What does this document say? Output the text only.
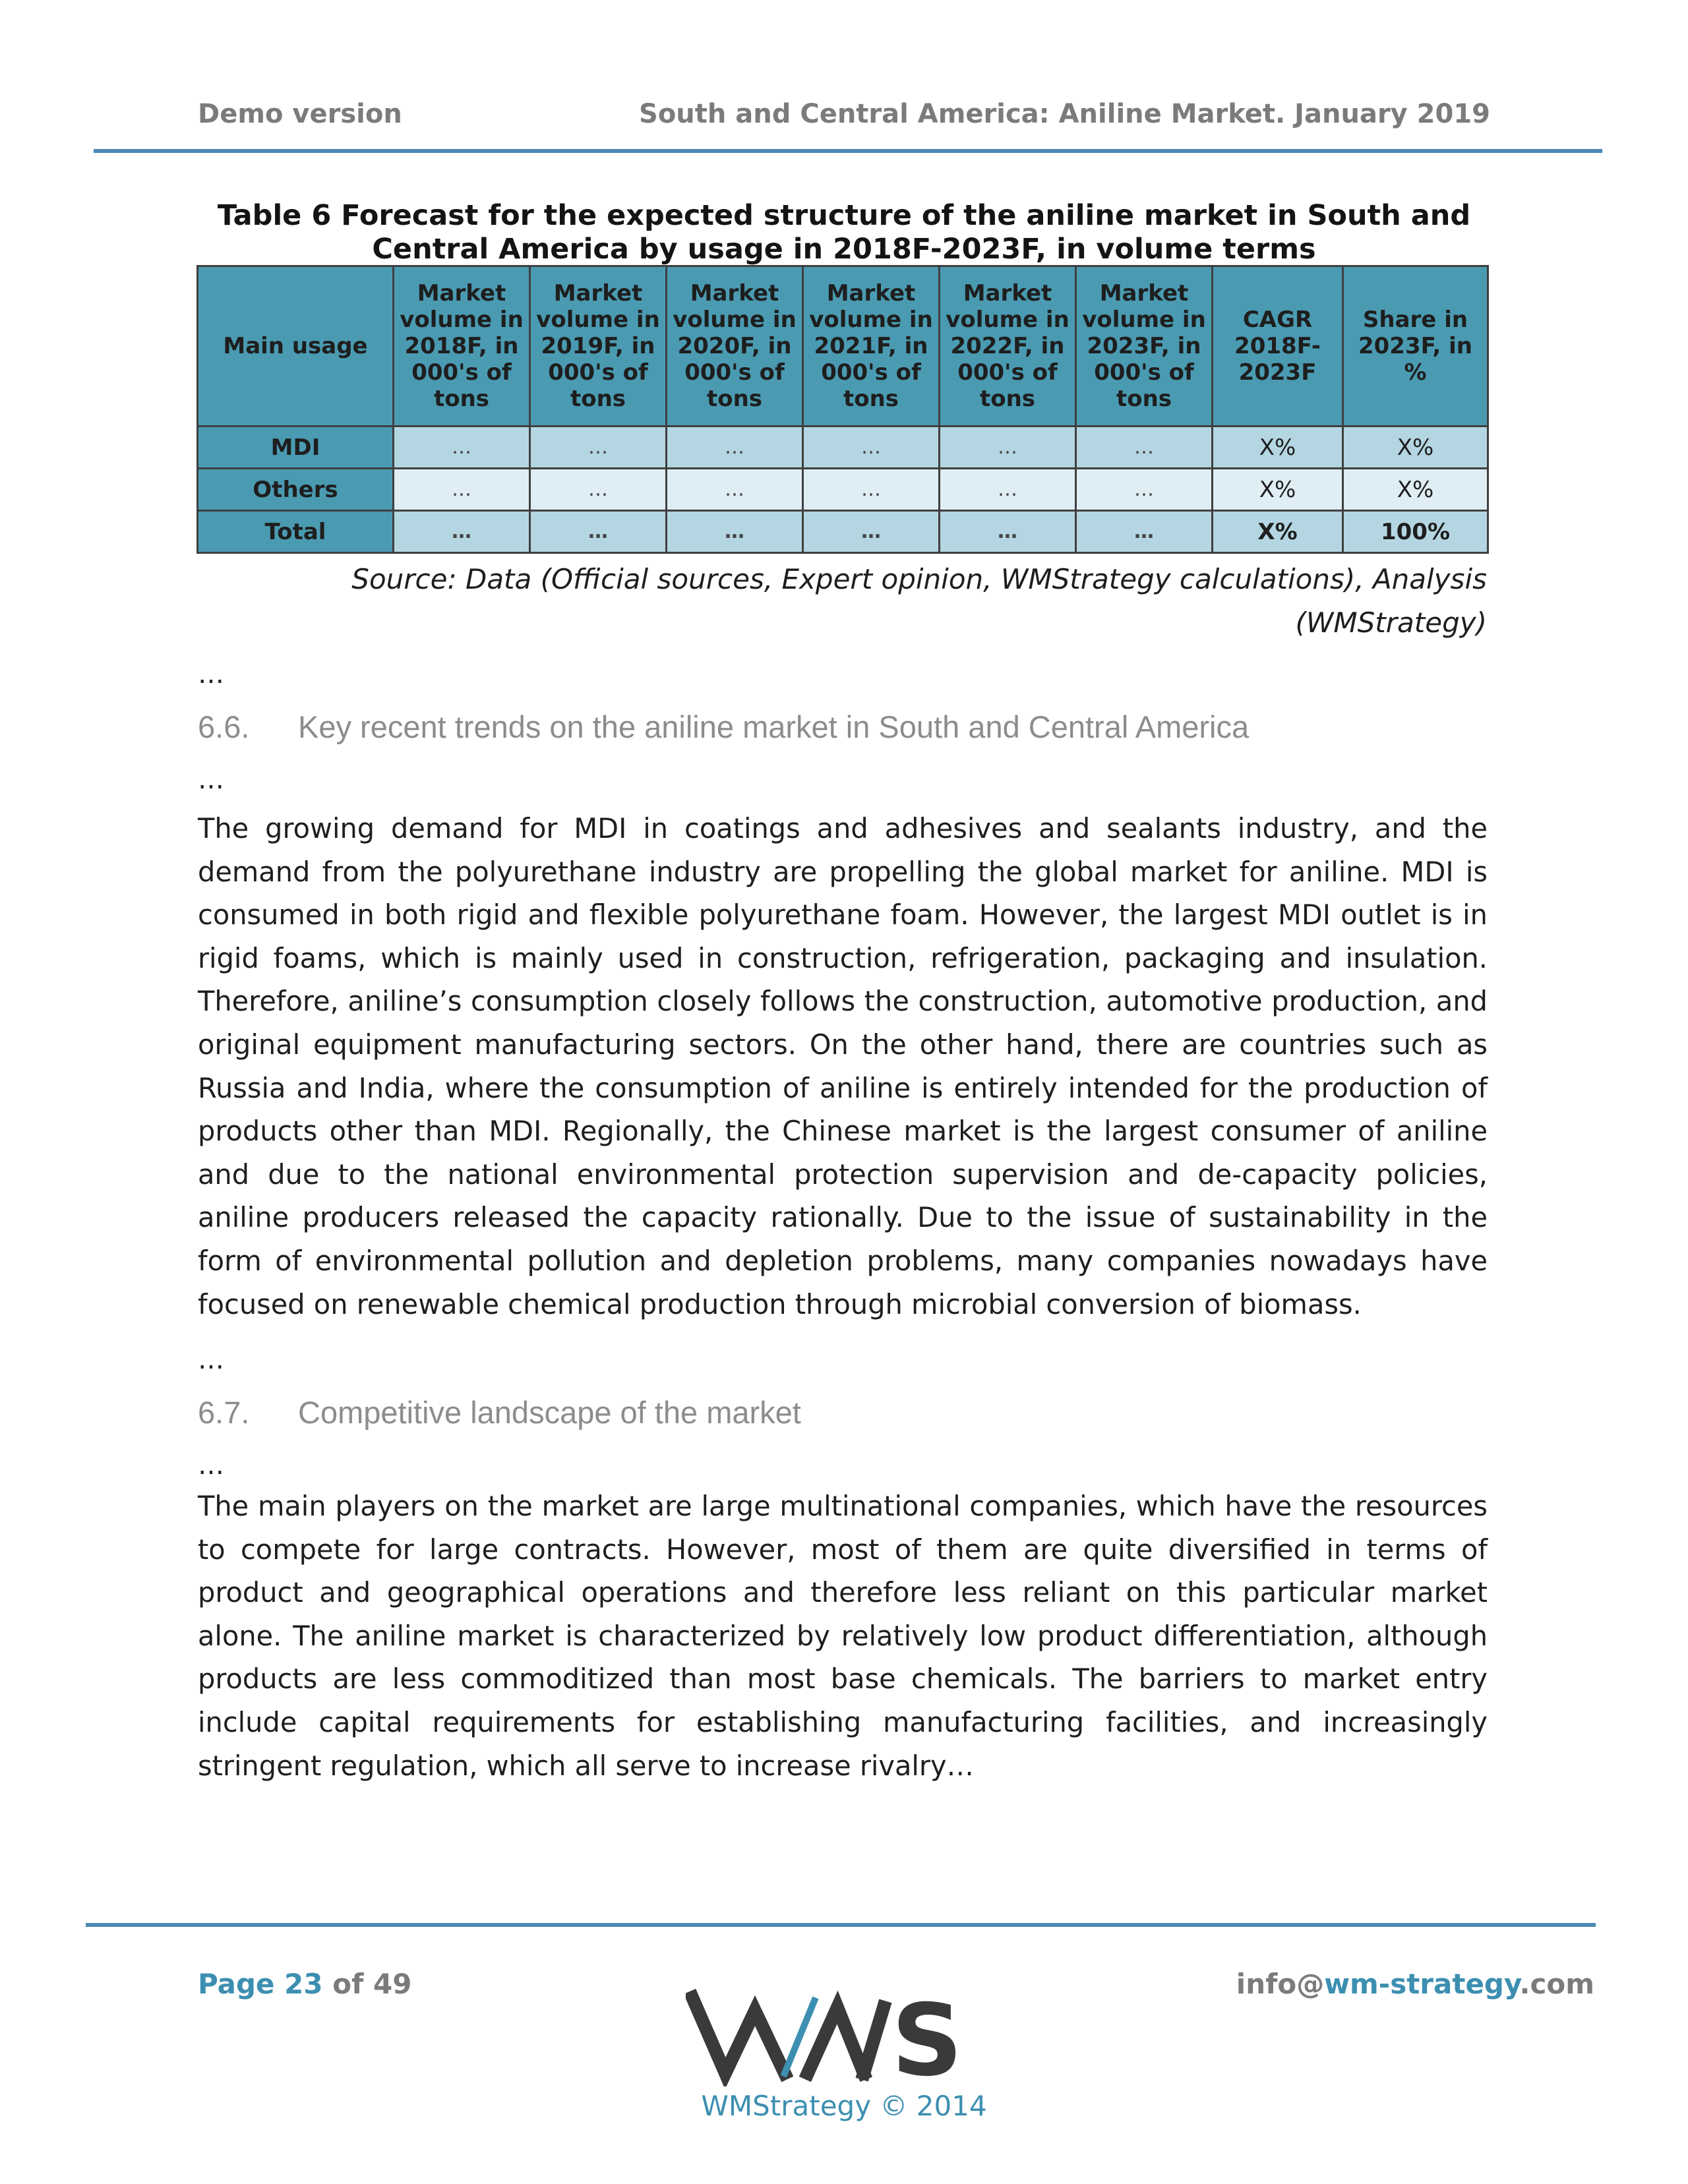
Demo version	South and Central America: Aniline Market. January 2019
Table 6 Forecast for the expected structure of the aniline market in South and Central America by usage in 2018F-2023F, in volume terms
Main usage	Market volume in 2018F, in 000's of tons	Market volume in 2019F, in 000's of tons	Market volume in 2020F, in 000's of tons	Market volume in 2021F, in 000's of tons	Market volume in 2022F, in 000's of tons	Market volume in 2023F, in 000's of tons	CAGR 2018F-2023F	Share in 2023F, in %
MDI	…	…	…	…	…	…	X%	X%
Others	…	…	…	…	…	…	X%	X%
Total	…	…	…	…	…	…	X%	100%
Source: Data (Official sources, Expert opinion, WMStrategy calculations), Analysis (WMStrategy)
…
6.6. Key recent trends on the aniline market in South and Central America
…
The growing demand for MDI in coatings and adhesives and sealants industry, and the demand from the polyurethane industry are propelling the global market for aniline. MDI is consumed in both rigid and flexible polyurethane foam. However, the largest MDI outlet is in rigid foams, which is mainly used in construction, refrigeration, packaging and insulation. Therefore, aniline’s consumption closely follows the construction, automotive production, and original equipment manufacturing sectors. On the other hand, there are countries such as Russia and India, where the consumption of aniline is entirely intended for the production of products other than MDI. Regionally, the Chinese market is the largest consumer of aniline and due to the national environmental protection supervision and de-capacity policies, aniline producers released the capacity rationally. Due to the issue of sustainability in the form of environmental pollution and depletion problems, many companies nowadays have focused on renewable chemical production through microbial conversion of biomass.
…
6.7. Competitive landscape of the market
…
The main players on the market are large multinational companies, which have the resources to compete for large contracts. However, most of them are quite diversified in terms of product and geographical operations and therefore less reliant on this particular market alone. The aniline market is characterized by relatively low product differentiation, although products are less commoditized than most base chemicals. The barriers to market entry include capital requirements for establishing manufacturing facilities, and increasingly stringent regulation, which all serve to increase rivalry…
Page 23 of 49	info@wm-strategy.com
S
WMStrategy © 2014
